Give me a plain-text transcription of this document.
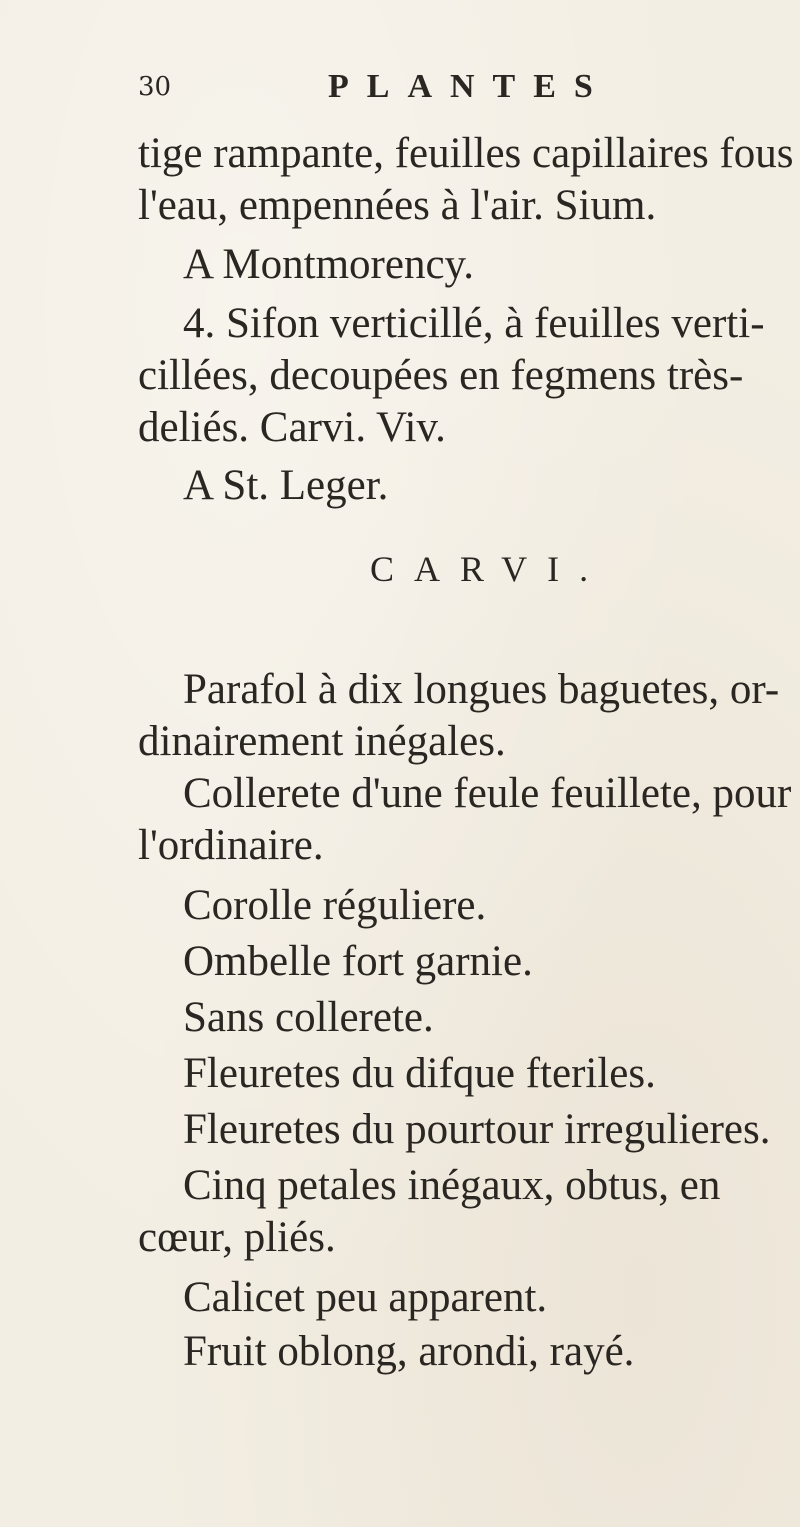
30	PLANTES
tige rampante, feuilles capillaires fous
l'eau, empennées à l'air. Sium.
A Montmorency.
4. Sifon verticillé, à feuilles verti-
cillées, decoupées en fegmens très-
deliés. Carvi. Viv.
A St. Leger.
CARVI.
Parafol à dix longues baguetes, or-
dinairement inégales.
Collerete d'une feule feuillete, pour
l'ordinaire.
Corolle réguliere.
Ombelle fort garnie.
Sans collerete.
Fleuretes du difque fteriles.
Fleuretes du pourtour irregulieres.
Cinq petales inégaux, obtus, en
cœur, pliés.
Calicet peu apparent.
Fruit oblong, arondi, rayé.
